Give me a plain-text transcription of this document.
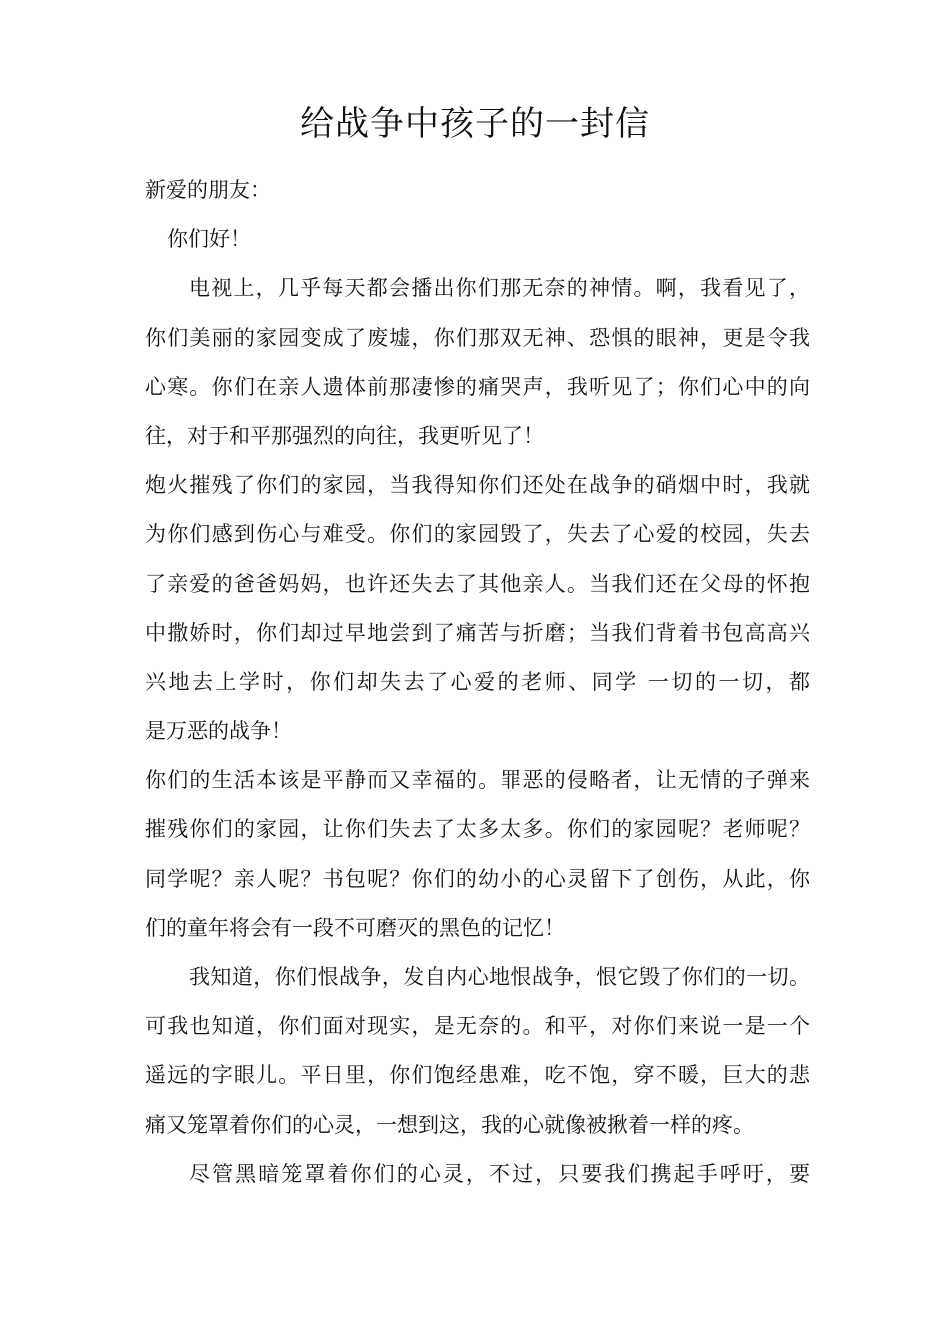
给战争中孩子的一封信
新爱的朋友：
你们好！
电视上，几乎每天都会播出你们那无奈的神情。啊，我看见了，
你们美丽的家园变成了废墟，你们那双无神、恐惧的眼神，更是令我
心寒。你们在亲人遗体前那凄惨的痛哭声，我听见了；你们心中的向
往，对于和平那强烈的向往，我更听见了！
炮火摧残了你们的家园，当我得知你们还处在战争的硝烟中时，我就
为你们感到伤心与难受。你们的家园毁了，失去了心爱的校园，失去
了亲爱的爸爸妈妈，也许还失去了其他亲人。当我们还在父母的怀抱
中撒娇时，你们却过早地尝到了痛苦与折磨；当我们背着书包高高兴
兴地去上学时，你们却失去了心爱的老师、同学 一切的一切，都
是万恶的战争！
你们的生活本该是平静而又幸福的。罪恶的侵略者，让无情的子弹来
摧残你们的家园，让你们失去了太多太多。你们的家园呢？老师呢？
同学呢？亲人呢？书包呢？你们的幼小的心灵留下了创伤，从此，你
们的童年将会有一段不可磨灭的黑色的记忆！
我知道，你们恨战争，发自内心地恨战争，恨它毁了你们的一切。
可我也知道，你们面对现实，是无奈的。和平，对你们来说一是一个
遥远的字眼儿。平日里，你们饱经患难，吃不饱，穿不暖，巨大的悲
痛又笼罩着你们的心灵，一想到这，我的心就像被揪着一样的疼。
尽管黑暗笼罩着你们的心灵，不过，只要我们携起手呼吁，要
